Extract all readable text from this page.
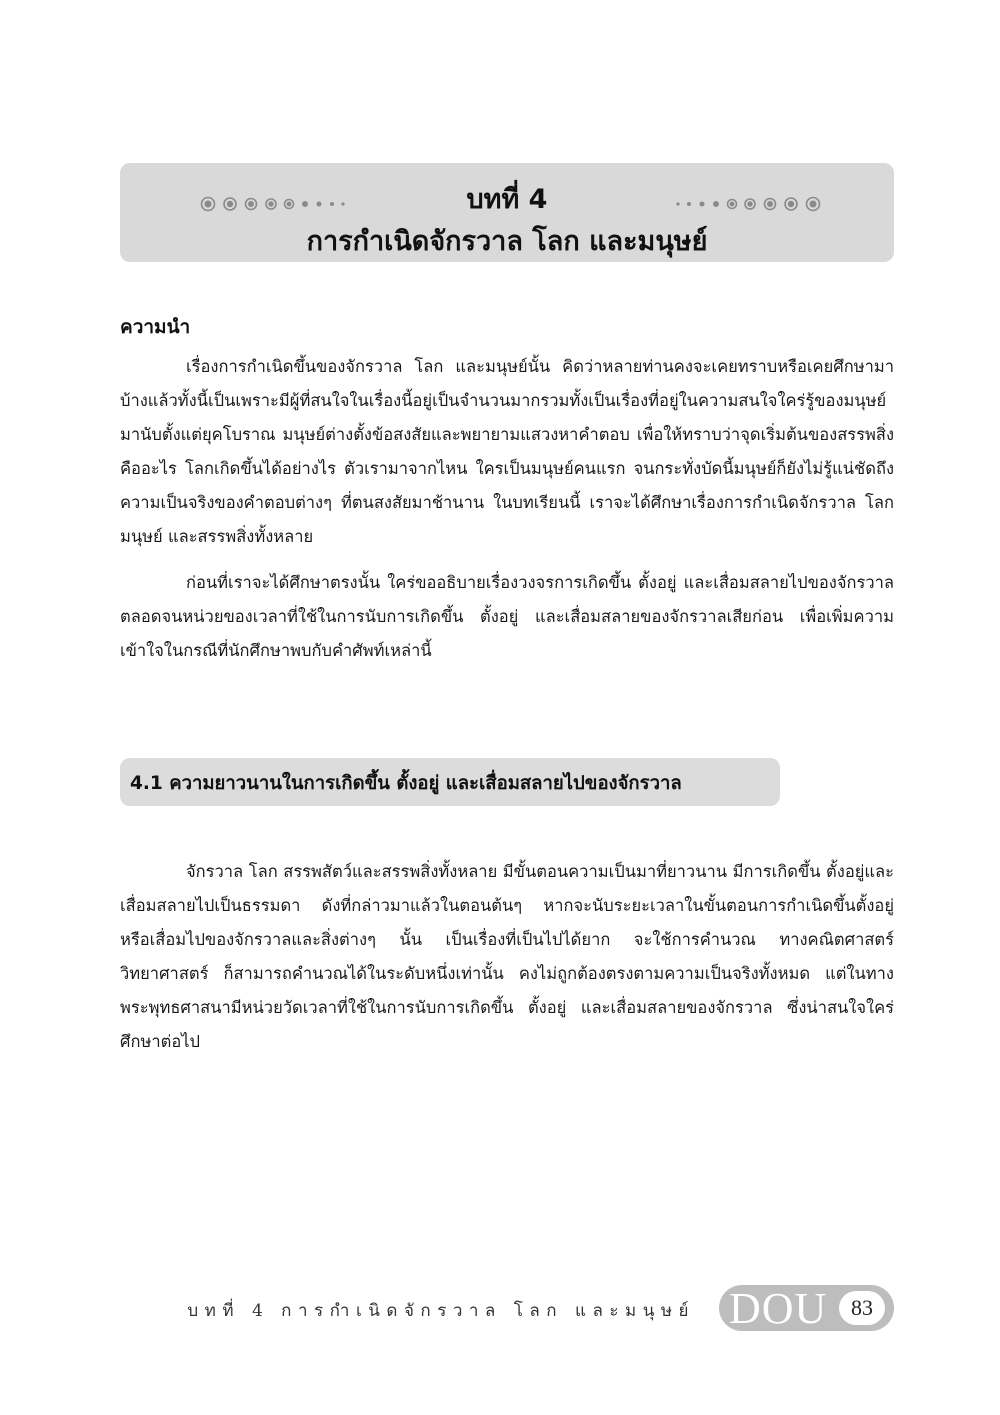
บทที่ 4
การกำเนิดจักรวาล โลก และมนุษย์
ความนำ

เรื่องการกำเนิดขึ้นของจักรวาล โลก และมนุษย์นั้น คิดว่าหลายท่านคงจะเคยทราบหรือเคยศึกษามาบ้างแล้วทั้งนี้เป็นเพราะมีผู้ที่สนใจในเรื่องนี้อยู่เป็นจำนวนมากรวมทั้งเป็นเรื่องที่อยู่ในความสนใจใคร่รู้ของมนุษย์มานับตั้งแต่ยุคโบราณ มนุษย์ต่างตั้งข้อสงสัยและพยายามแสวงหาคำตอบ เพื่อให้ทราบว่าจุดเริ่มต้นของสรรพสิ่งคืออะไร โลกเกิดขึ้นได้อย่างไร ตัวเรามาจากไหน ใครเป็นมนุษย์คนแรก จนกระทั่งบัดนี้มนุษย์ก็ยังไม่รู้แน่ชัดถึงความเป็นจริงของคำตอบต่างๆ ที่ตนสงสัยมาช้านาน ในบทเรียนนี้ เราจะได้ศึกษาเรื่องการกำเนิดจักรวาล โลกมนุษย์ และสรรพสิ่งทั้งหลาย

ก่อนที่เราจะได้ศึกษาตรงนั้น ใคร่ขออธิบายเรื่องวงจรการเกิดขึ้น ตั้งอยู่ และเสื่อมสลายไปของจักรวาล ตลอดจนหน่วยของเวลาที่ใช้ในการนับการเกิดขึ้น ตั้งอยู่ และเสื่อมสลายของจักรวาลเสียก่อน เพื่อเพิ่มความเข้าใจในกรณีที่นักศึกษาพบกับคำศัพท์เหล่านี้

4.1 ความยาวนานในการเกิดขึ้น ตั้งอยู่ และเสื่อมสลายไปของจักรวาล

จักรวาล โลก สรรพสัตว์และสรรพสิ่งทั้งหลาย มีขั้นตอนความเป็นมาที่ยาวนาน มีการเกิดขึ้น ตั้งอยู่และเสื่อมสลายไปเป็นธรรมดา ดังที่กล่าวมาแล้วในตอนต้นๆ หากจะนับระยะเวลาในขั้นตอนการกำเนิดขึ้นตั้งอยู่ หรือเสื่อมไปของจักรวาลและสิ่งต่างๆ นั้น เป็นเรื่องที่เป็นไปได้ยาก จะใช้การคำนวณ ทางคณิตศาสตร์ วิทยาศาสตร์ ก็สามารถคำนวณได้ในระดับหนึ่งเท่านั้น คงไม่ถูกต้องตรงตามความเป็นจริงทั้งหมด แต่ในทางพระพุทธศาสนามีหน่วยวัดเวลาที่ใช้ในการนับการเกิดขึ้น ตั้งอยู่ และเสื่อมสลายของจักรวาล ซึ่งน่าสนใจใคร่ศึกษาต่อไป

บทที่ 4 การกำเนิดจักรวาล โลก และมนุษย์ DOU	83
